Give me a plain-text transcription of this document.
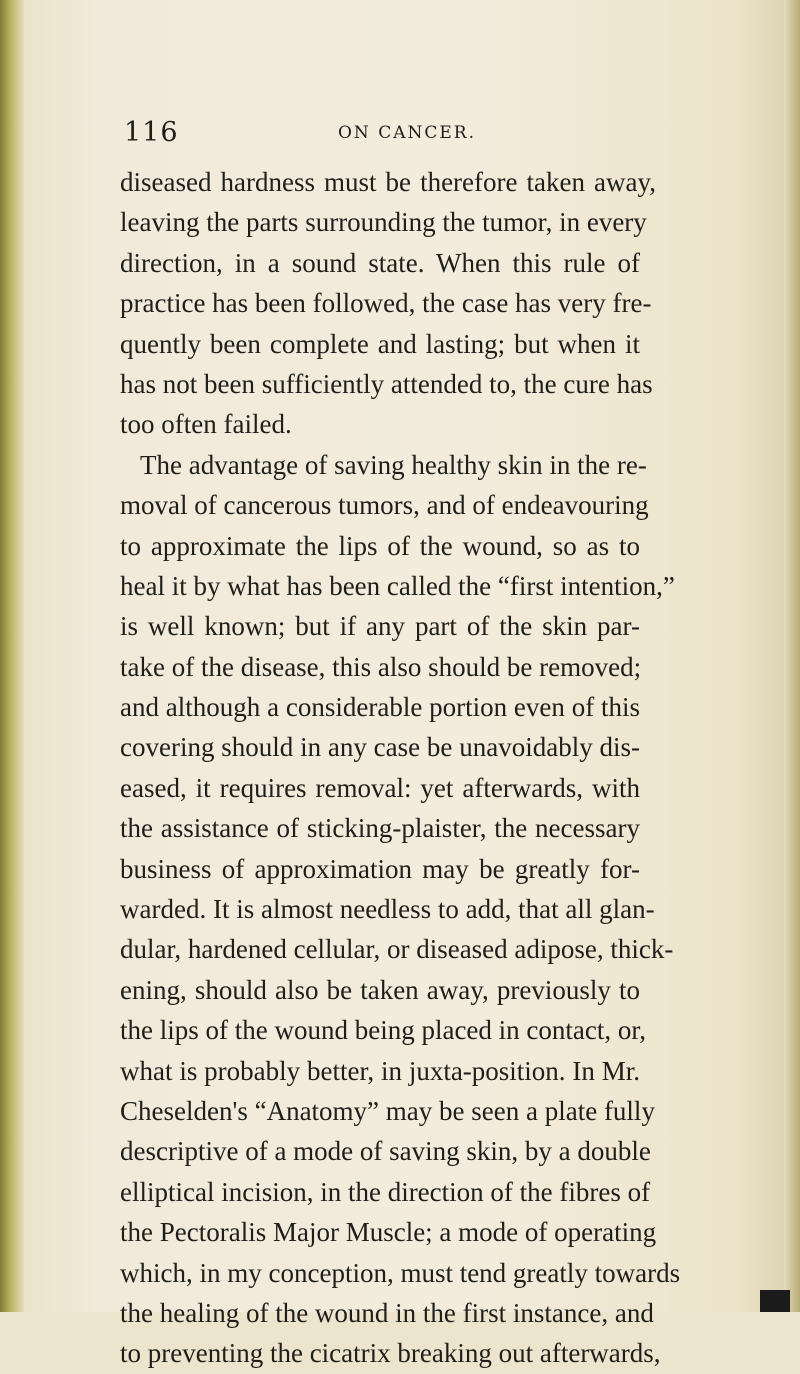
116	ON CANCER.
diseased hardness must be therefore taken away,
leaving the parts surrounding the tumor, in every
direction, in a sound state. When this rule of
practice has been followed, the case has very fre-
quently been complete and lasting; but when it
has not been sufficiently attended to, the cure has
too often failed.
The advantage of saving healthy skin in the re-
moval of cancerous tumors, and of endeavouring
to approximate the lips of the wound, so as to
heal it by what has been called the “first intention,”
is well known; but if any part of the skin par-
take of the disease, this also should be removed;
and although a considerable portion even of this
covering should in any case be unavoidably dis-
eased, it requires removal: yet afterwards, with
the assistance of sticking-plaister, the necessary
business of approximation may be greatly for-
warded. It is almost needless to add, that all glan-
dular, hardened cellular, or diseased adipose, thick-
ening, should also be taken away, previously to
the lips of the wound being placed in contact, or,
what is probably better, in juxta-position. In Mr.
Cheselden's “Anatomy” may be seen a plate fully
descriptive of a mode of saving skin, by a double
elliptical incision, in the direction of the fibres of
the Pectoralis Major Muscle; a mode of operating
which, in my conception, must tend greatly towards
the healing of the wound in the first instance, and
to preventing the cicatrix breaking out afterwards,
